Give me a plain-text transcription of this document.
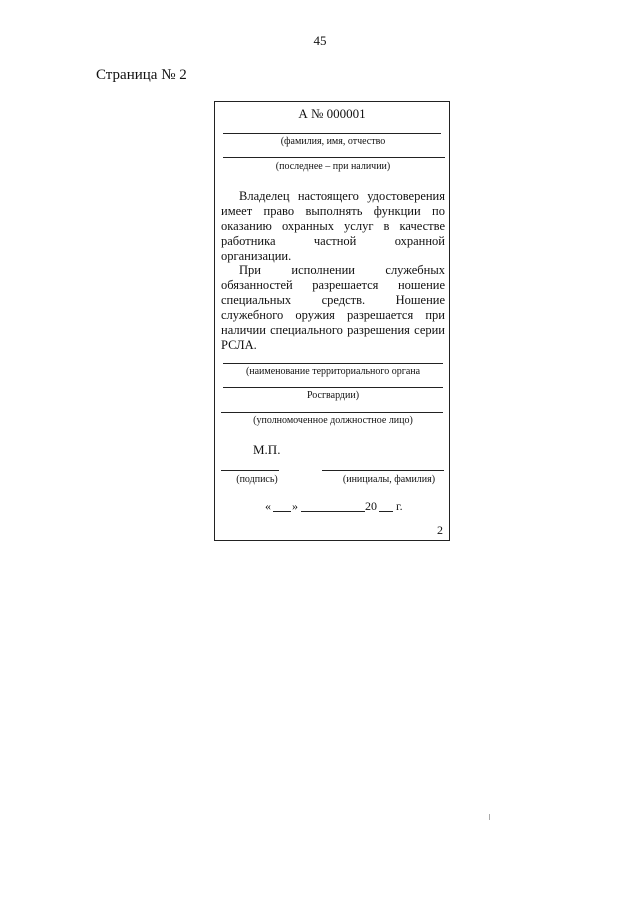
45
Страница № 2
А № 000001
(фамилия, имя, отчество
(последнее – при наличии)

Владелец настоящего удостоверения имеет право выполнять функции по оказанию охранных услуг в качестве работника частной охранной организации.

При исполнении служебных обязанностей разрешается ношение специальных средств. Ношение служебного оружия разрешается при наличии специального разрешения серии РСЛА.

(наименование территориального органа
Росгвардии)
(уполномоченное должностное лицо)
М.П.
(подпись)	(инициалы, фамилия)
« »	20 г.
2
